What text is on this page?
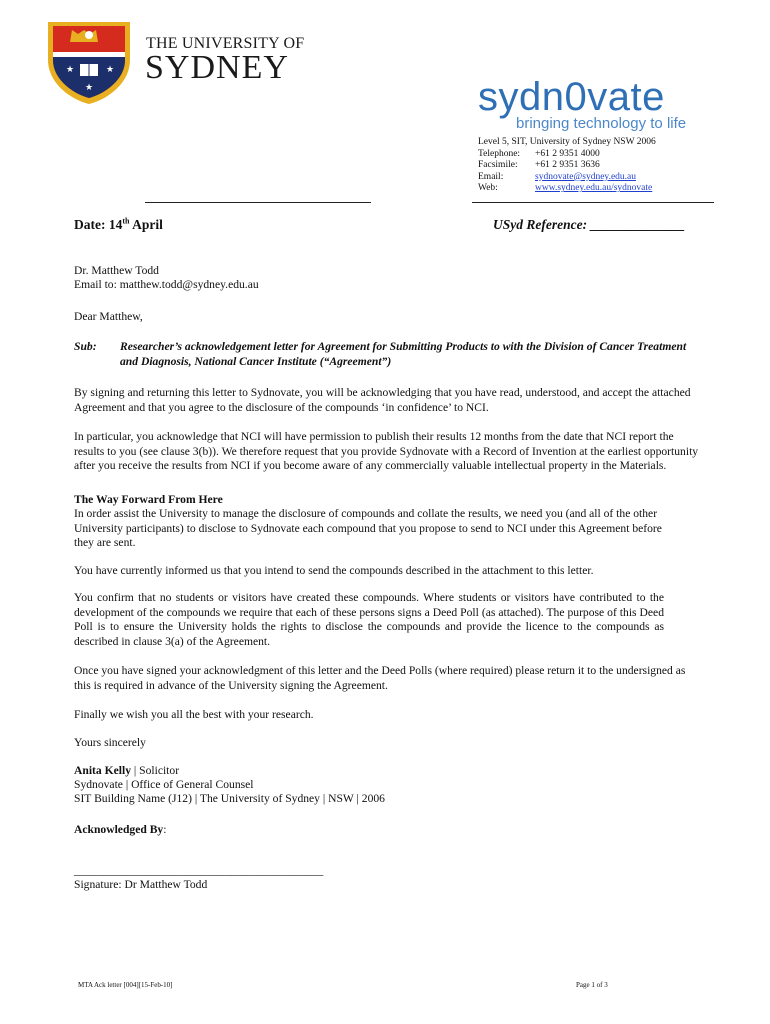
★	★
★
THE UNIVERSITY OF
SYDNEY
sydn0vate
bringing technology to life
Level 5, SIT, University of Sydney NSW 2006
Telephone:	+61 2 9351 4000
Facsimile:	+61 2 9351 3636
Email:	sydnovate@sydney.edu.au
Web:	www.sydney.edu.au/sydnovate
Date: 14th April	USyd Reference: ______________
Dr. Matthew Todd
Email to: matthew.todd@sydney.edu.au
Dear Matthew,
Sub: Researcher’s acknowledgement letter for Agreement for Submitting Products to with the Division of Cancer Treatment and Diagnosis, National Cancer Institute (“Agreement”)
By signing and returning this letter to Sydnovate, you will be acknowledging that you have read, understood, and accept the attached Agreement and that you agree to the disclosure of the compounds ‘in confidence’ to NCI.
In particular, you acknowledge that NCI will have permission to publish their results 12 months from the date that NCI report the results to you (see clause 3(b)). We therefore request that you provide Sydnovate with a Record of Invention at the earliest opportunity after you receive the results from NCI if you become aware of any commercially valuable intellectual property in the Materials.
The Way Forward From Here
In order assist the University to manage the disclosure of compounds and collate the results, we need you (and all of the other University participants) to disclose to Sydnovate each compound that you propose to send to NCI under this Agreement before they are sent.
You have currently informed us that you intend to send the compounds described in the attachment to this letter.
You confirm that no students or visitors have created these compounds. Where students or visitors have contributed to the development of the compounds we require that each of these persons signs a Deed Poll (as attached). The purpose of this Deed Poll is to ensure the University holds the rights to disclose the compounds and provide the licence to the compounds as described in clause 3(a) of the Agreement.
Once you have signed your acknowledgment of this letter and the Deed Polls (where required) please return it to the undersigned as this is required in advance of the University signing the Agreement.
Finally we wish you all the best with your research.
Yours sincerely
Anita Kelly | Solicitor
Sydnovate | Office of General Counsel
SIT Building Name (J12) | The University of Sydney | NSW | 2006
Acknowledged By:
___________________________________________
Signature: Dr Matthew Todd
MTA Ack letter [004][15-Feb-10]	Page 1 of 3
